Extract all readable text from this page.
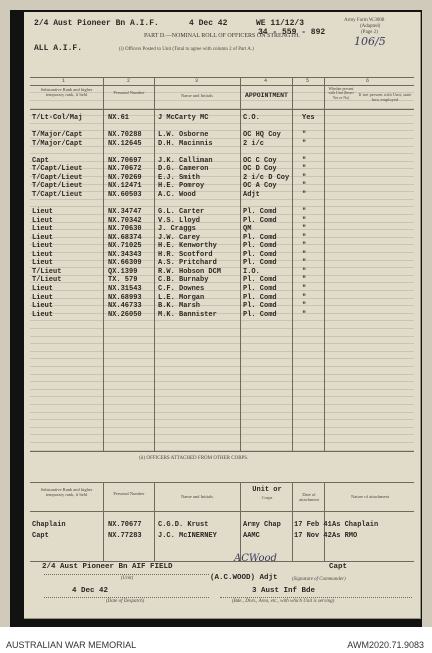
2/4 Aust Pioneer Bn A.I.F.	4 Dec 42	WE 11/12/3
34 - 559 - 892
Army Form W.3008
(Adapted)
(Page 2)
106/5
PART D.—NOMINAL ROLL OF OFFICERS ON STRENGTH.
ALL A.I.F.	(i) Officers Posted to Unit (Total to agree with column 2 of Part A.)
1	2	3	4	5	6
Substantive Rank and higher temporary rank, if held	Personal Number
Name and Initials	APPOINTMENT
Whether present with Unit (Insert Yes or No)
If not present with Unit, state how employed
T/Lt-Col/Maj	NX.61	J McCarty MC	C.O.	Yes
T/Major/Capt	NX.70288 L.W. Osborne	OC HQ Coy	"
T/Major/Capt	NX.12645 D.H. Macinnis	2 i/c	"
Capt	NX.70697 J.K. Calliman	OC C Coy	"
T/Capt/Lieut	NX.70672 D.G. Cameron	OC D Coy	"
T/Capt/Lieut	NX.70269 E.J. Smith	2 i/c D Coy "
T/Capt/Lieut	NX.12471 H.E. Pomroy	OC A Coy	"
T/Capt/Lieut	NX.60503 A.C. Wood	Adjt	"
Lieut	NX.34747 G.L. Carter	Pl. Comd	"
Lieut	NX.70342 V.S. Lloyd	Pl. Comd	"
Lieut	NX.70630 J. Craggs	QM	"
Lieut	NX.68374 J.W. Carey	Pl. Comd	"
Lieut	NX.71025 H.E. Kenworthy	Pl. Comd	"
Lieut	NX.34343 H.R. Scotford	Pl. Comd	"
Lieut	NX.66309 A.S. Pritchard	Pl. Comd	"
T/Lieut	QX.1399	R.W. Hobson DCM	I.O.	"
T/Lieut	TX. 579	C.B. Burnaby	Pl. Comd	"
Lieut	NX.31543 C.F. Downes	Pl. Comd	"
Lieut	NX.68993 L.E. Morgan	Pl. Comd	"
Lieut	NX.46733 B.K. Marsh	Pl. Comd	"
Lieut	NX.26050 M.K. Bannister	Pl. Comd	"
(ii) OFFICERS ATTACHED FROM OTHER CORPS.
Substantive Rank and higher temporary rank, if held	Personal Number
Name and Initials
Unit or
Corps
Date of attachment
Nature of attachment
Chaplain	NX.70677 C.G.D. Krust	Army Chap 17 Feb 41 As Chaplain
Capt	NX.77283 J.C. McINERNEY	AAMC	17 Nov 42 As RMO
2/4 Aust Pioneer Bn AIF FIELD
ACWood
Capt
(Unit)	(A.C.WOOD) Adjt	(Signature of Commander)
4 Dec 42	3 Aust Inf Bde
(Date of Despatch)	(Bde., Divn., Area, etc., with which Unit is serving)
AUSTRALIAN WAR MEMORIAL	AWM2020.71.9083
